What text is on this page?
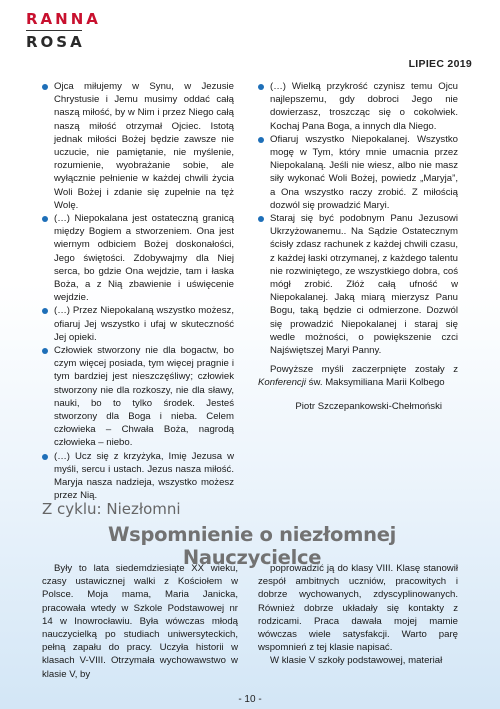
RANNA
ROSA
LIPIEC 2019
Ojca miłujemy w Synu, w Jezusie Chrystusie i Jemu musimy oddać całą naszą miłość, by w Nim i przez Niego całą naszą miłość otrzymał Ojciec. Istotą jednak miłości Bożej będzie zawsze nie uczucie, nie pamiętanie, nie myślenie, rozumienie, wyobrażanie sobie, ale wyłącznie pełnienie w każdej chwili życia Woli Bożej i zdanie się zupełnie na tęż Wolę.
(…) Niepokalana jest ostateczną granicą między Bogiem a stworzeniem. Ona jest wiernym odbiciem Bożej doskonałości, Jego świętości. Zdobywajmy dla Niej serca, bo gdzie Ona wejdzie, tam i łaska Boża, a z Nią zbawienie i uświęcenie wejdzie.
(…) Przez Niepokalaną wszystko możesz, ofiaruj Jej wszystko i ufaj w skuteczność Jej opieki.
Człowiek stworzony nie dla bogactw, bo czym więcej posiada, tym więcej pragnie i tym bardziej jest nieszczęśliwy; człowiek stworzony nie dla rozkoszy, nie dla sławy, nauki, bo to tylko środek. Jesteś stworzony dla Boga i nieba. Celem człowieka – Chwała Boża, nagrodą człowieka – niebo.
(…) Ucz się z krzyżyka, Imię Jezusa w myśli, sercu i ustach. Jezus nasza miłość. Maryja nasza nadzieja, wszystko możesz przez Nią.
(…) Wielką przykrość czynisz temu Ojcu najlepszemu, gdy dobroci Jego nie dowierzasz, troszcząc się o cokolwiek. Kochaj Pana Boga, a innych dla Niego.
Ofiaruj wszystko Niepokalanej. Wszystko mogę w Tym, który mnie umacnia przez Niepokalaną. Jeśli nie wiesz, albo nie masz siły wykonać Woli Bożej, powiedz „Maryja”, a Ona wszystko raczy zrobić. Z miłością dozwól się prowadzić Maryi.
Staraj się być podobnym Panu Jezusowi Ukrzyżowanemu.. Na Sądzie Ostatecznym ścisły zdasz rachunek z każdej chwili czasu, z każdej łaski otrzymanej, z każdego talentu nie rozwiniętego, ze wszystkiego dobra, coś mógł zrobić. Złóż całą ufność w Niepokalanej. Jaką miarą mierzysz Panu Bogu, taką będzie ci odmierzone. Dozwól się prowadzić Niepokalanej i staraj się wedle możności, o powiększenie czci Najświętszej Maryi Panny.

Powyższe myśli zaczerpnięte zostały z Konferencji św. Maksymiliana Marii Kolbego

Piotr Szczepankowski-Chełmoński
Z cyklu: Niezłomni
Wspomnienie o niezłomnej Nauczycielce
Były to lata siedemdziesiąte XX wieku, czasy ustawicznej walki z Kościołem w Polsce. Moja mama, Maria Janicka, pracowała wtedy w Szkole Podstawowej nr 14 w Inowrocławiu. Była wówczas młodą nauczycielką po studiach uniwersyteckich, pełną zapału do pracy. Uczyła historii w klasach V-VIII. Otrzymała wychowawstwo w klasie V, by
poprowadzić ją do klasy VIII. Klasę stanowił zespół ambitnych uczniów, pracowitych i dobrze wychowanych, zdyscyplinowanych. Również dobrze układały się kontakty z rodzicami. Praca dawała mojej mamie wówczas wiele satysfakcji. Warto parę wspomnień z tej klasie napisać.
W klasie V szkoły podstawowej, materiał
- 10 -
